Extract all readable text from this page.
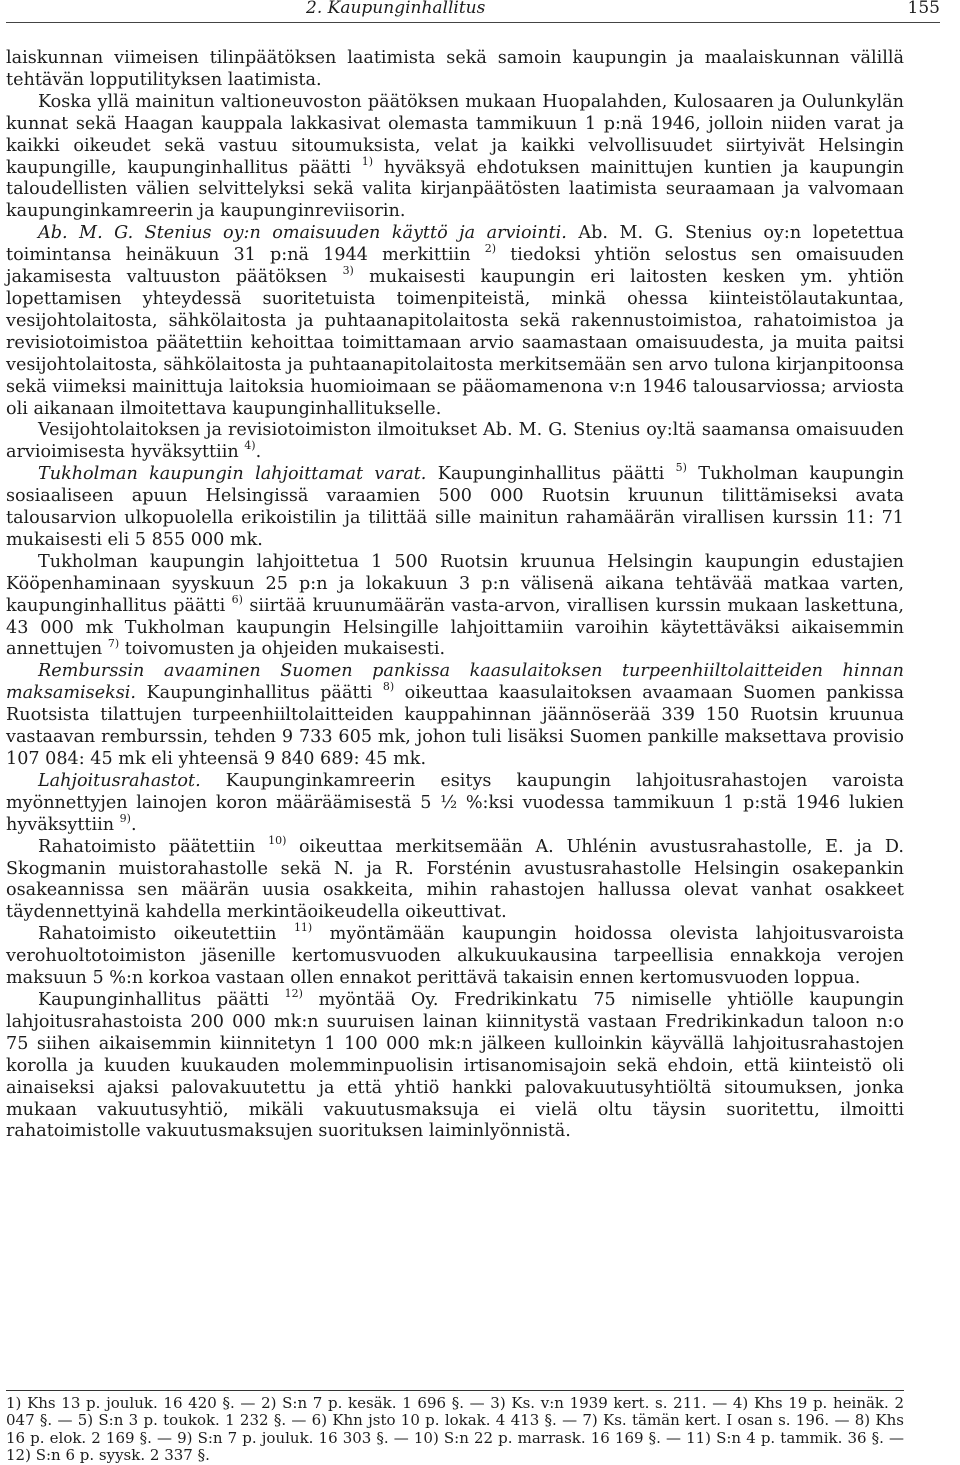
2. Kaupunginhallitus	155

laiskunnan viimeisen tilinpäätöksen laatimista sekä samoin kaupungin ja maalaiskunnan välillä tehtävän lopputilityksen laatimista.

Koska yllä mainitun valtioneuvoston päätöksen mukaan Huopalahden, Kulosaaren ja Oulunkylän kunnat sekä Haagan kauppala lakkasivat olemasta tammikuun 1 p:nä 1946, jolloin niiden varat ja kaikki oikeudet sekä vastuu sitoumuksista, velat ja kaikki velvollisuudet siirtyivät Helsingin kaupungille, kaupunginhallitus päätti $^{1)}$ hyväksyä ehdotuksen mainittujen kuntien ja kaupungin taloudellisten välien selvittelyksi sekä valita kirjanpäätösten laatimista seuraamaan ja valvomaan kaupunginkamreerin ja kaupunginreviisorin.

Ab. M. G. Stenius oy:n omaisuuden käyttö ja arviointi. Ab. M. G. Stenius oy:n lopetettua toimintansa heinäkuun 31 p:nä 1944 merkittiin $^{2)}$ tiedoksi yhtiön selostus sen omaisuuden jakamisesta valtuuston päätöksen $^{3)}$ mukaisesti kaupungin eri laitosten kesken ym. yhtiön lopettamisen yhteydessä suoritetuista toimenpiteistä, minkä ohessa kiinteistölautakuntaa, vesijohtolaitosta, sähkölaitosta ja puhtaanapitolaitosta sekä rakennustoimistoa, rahatoimistoa ja revisiotoimistoa päätettiin kehoittaa toimittamaan arvio saamastaan omaisuudesta, ja muita paitsi vesijohtolaitosta, sähkölaitosta ja puhtaanapitolaitosta merkitsemään sen arvo tulona kirjanpitoonsa sekä viimeksi mainittuja laitoksia huomioimaan se pääomamenona v:n 1946 talousarviossa; arviosta oli aikanaan ilmoitettava kaupunginhallitukselle.

Vesijohtolaitoksen ja revisiotoimiston ilmoitukset Ab. M. G. Stenius oy:ltä saamansa omaisuuden arvioimisesta hyväksyttiin $^{4)}$.

Tukholman kaupungin lahjoittamat varat. Kaupunginhallitus päätti $^{5)}$ Tukholman kaupungin sosiaaliseen apuun Helsingissä varaamien 500 000 Ruotsin kruunun tilittämiseksi avata talousarvion ulkopuolella erikoistilin ja tilittää sille mainitun rahamäärän virallisen kurssin 11: 71 mukaisesti eli 5 855 000 mk.

Tukholman kaupungin lahjoittetua 1 500 Ruotsin kruunua Helsingin kaupungin edustajien Kööpenhaminaan syyskuun 25 p:n ja lokakuun 3 p:n välisenä aikana tehtävää matkaa varten, kaupunginhallitus päätti $^{6)}$ siirtää kruunumäärän vasta-arvon, virallisen kurssin mukaan laskettuna, 43 000 mk Tukholman kaupungin Helsingille lahjoittamiin varoihin käytettäväksi aikaisemmin annettujen $^{7)}$ toivomusten ja ohjeiden mukaisesti.

Remburssin avaaminen Suomen pankissa kaasulaitoksen turpeenhiiltolaitteiden hinnan maksamiseksi. Kaupunginhallitus päätti $^{8)}$ oikeuttaa kaasulaitoksen avaamaan Suomen pankissa Ruotsista tilattujen turpeenhiiltolaitteiden kauppahinnan jäännöserää 339 150 Ruotsin kruunua vastaavan remburssin, tehden 9 733 605 mk, johon tuli lisäksi Suomen pankille maksettava provisio 107 084: 45 mk eli yhteensä 9 840 689: 45 mk.

Lahjoitusrahastot. Kaupunginkamreerin esitys kaupungin lahjoitusrahastojen varoista myönnettyjen lainojen koron määräämisestä 5 ½ %:ksi vuodessa tammikuun 1 p:stä 1946 lukien hyväksyttiin $^{9)}$.

Rahatoimisto päätettiin $^{10)}$ oikeuttaa merkitsemään A. Uhlénin avustusrahastolle, E. ja D. Skogmanin muistorahastolle sekä N. ja R. Forsténin avustusrahastolle Helsingin osakepankin osakeannissa sen määrän uusia osakkeita, mihin rahastojen hallussa olevat vanhat osakkeet täydennettyinä kahdella merkintäoikeudella oikeuttivat.

Rahatoimisto oikeutettiin $^{11)}$ myöntämään kaupungin hoidossa olevista lahjoitusvaroista verohuoltotoimiston jäsenille kertomusvuoden alkukuukausina tarpeellisia ennakkoja verojen maksuun 5 %:n korkoa vastaan ollen ennakot perittävä takaisin ennen kertomusvuoden loppua.

Kaupunginhallitus päätti $^{12)}$ myöntää Oy. Fredrikinkatu 75 nimiselle yhtiölle kaupungin lahjoitusrahastoista 200 000 mk:n suuruisen lainan kiinnitystä vastaan Fredrikinkadun taloon n:o 75 siihen aikaisemmin kiinnitetyn 1 100 000 mk:n jälkeen kulloinkin käyvällä lahjoitusrahastojen korolla ja kuuden kuukauden molemminpuolisin irtisanomisajoin sekä ehdoin, että kiinteistö oli ainaiseksi ajaksi palovakuutettu ja että yhtiö hankki palovakuutusyhtiöltä sitoumuksen, jonka mukaan vakuutusyhtiö, mikäli vakuutusmaksuja ei vielä oltu täysin suoritettu, ilmoitti rahatoimistolle vakuutusmaksujen suorituksen laiminlyönnistä.

1) Khs 13 p. jouluk. 16 420 §. — 2) S:n 7 p. kesäk. 1 696 §. — 3) Ks. v:n 1939 kert. s. 211. — 4) Khs 19 p. heinäk. 2 047 §. — 5) S:n 3 p. toukok. 1 232 §. — 6) Khn jsto 10 p. lokak. 4 413 §. — 7) Ks. tämän kert. I osan s. 196. — 8) Khs 16 p. elok. 2 169 §. — 9) S:n 7 p. jouluk. 16 303 §. — 10) S:n 22 p. marrask. 16 169 §. — 11) S:n 4 p. tammik. 36 §. — 12) S:n 6 p. syysk. 2 337 §.
